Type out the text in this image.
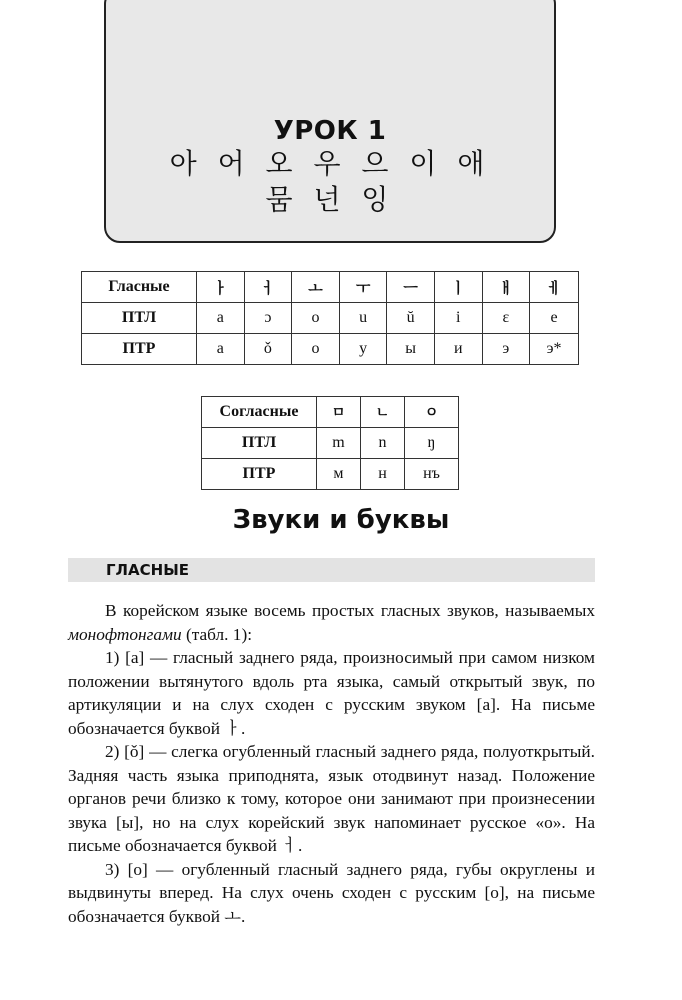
УРОК 1
아 어 오 우 으 이 애
뭄 넌 잉
Гласные	ㅏ	ㅓ	ㅗ	ㅜ	ㅡ	ㅣ	ㅐ	ㅔ
ПТЛ	a	ɔ	o	u	ŭ	i	ɛ	e
ПТР	а	ǒ	о	у	ы	и	э	э*
Согласные	ㅁ	ㄴ	ㅇ
ПТЛ	m	n	ŋ
ПТР	м	н	нъ
Звуки и буквы
ГЛАСНЫЕ

В корейском языке восемь простых гласных звуков, называемых монофтонгами (табл. 1):

1) [a] — гласный заднего ряда, произносимый при самом низком положении вытянутого вдоль рта языка, самый открытый звук, по артикуляции и на слух сходен с русским звуком [а]. На письме обозначается буквой ㅏ.

2) [ǒ] — слегка огубленный гласный заднего ряда, полуоткрытый. Задняя часть языка приподнята, язык отодвинут назад. Положение органов речи близко к тому, которое они занимают при произнесении звука [ы], но на слух корейский звук напоминает русское «о». На письме обозначается буквой ㅓ.

3) [o] — огубленный гласный заднего ряда, губы округлены и выдвинуты вперед. На слух очень сходен с русским [о], на письме обозначается буквой ㅗ.
